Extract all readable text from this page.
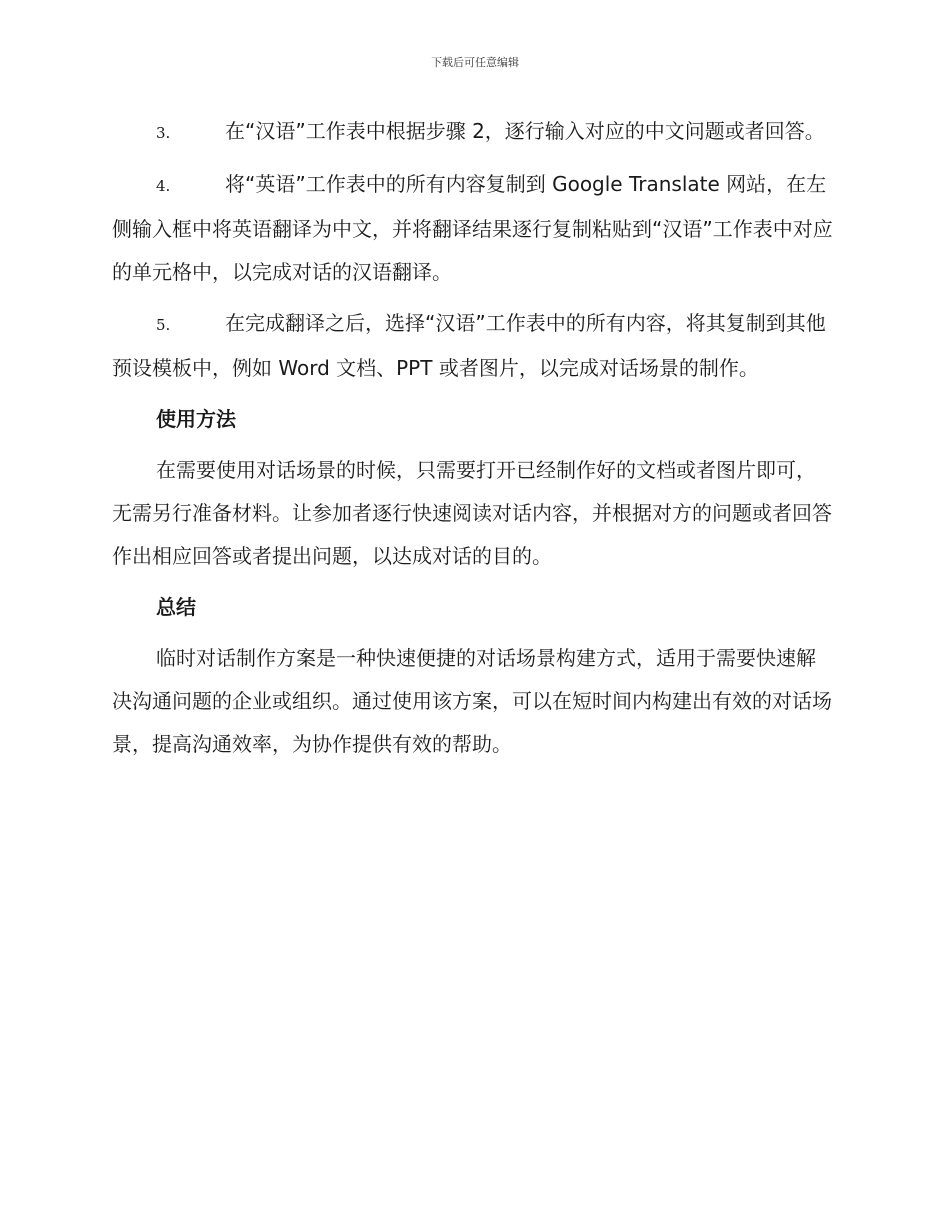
下载后可任意编辑

3.	在“汉语”工作表中根据步骤 2，逐行输入对应的中文问题或者回答。

4.	将“英语”工作表中的所有内容复制到 Google Translate 网站，在左侧输入框中将英语翻译为中文，并将翻译结果逐行复制粘贴到“汉语”工作表中对应的单元格中，以完成对话的汉语翻译。

5.	在完成翻译之后，选择“汉语”工作表中的所有内容，将其复制到其他预设模板中，例如 Word 文档、PPT 或者图片，以完成对话场景的制作。

使用方法

在需要使用对话场景的时候，只需要打开已经制作好的文档或者图片即可，无需另行准备材料。让参加者逐行快速阅读对话内容，并根据对方的问题或者回答作出相应回答或者提出问题，以达成对话的目的。

总结

临时对话制作方案是一种快速便捷的对话场景构建方式，适用于需要快速解决沟通问题的企业或组织。通过使用该方案，可以在短时间内构建出有效的对话场景，提高沟通效率，为协作提供有效的帮助。
